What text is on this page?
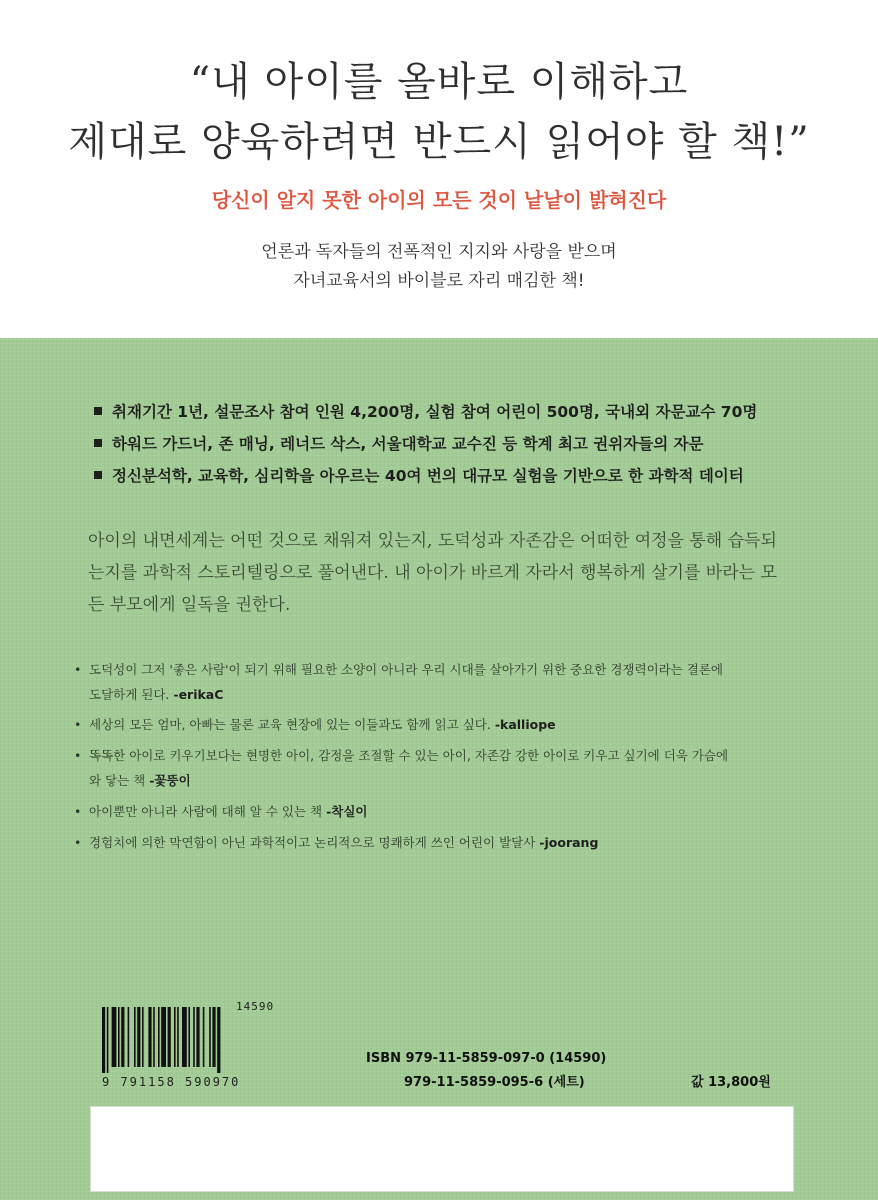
“내 아이를 올바로 이해하고
제대로 양육하려면 반드시 읽어야 할 책!”
당신이 알지 못한 아이의 모든 것이 낱낱이 밝혀진다
언론과 독자들의 전폭적인 지지와 사랑을 받으며
자녀교육서의 바이블로 자리 매김한 책!
취재기간 1년, 설문조사 참여 인원 4,200명, 실험 참여 어린이 500명, 국내외 자문교수 70명
하워드 가드너, 존 매닝, 레너드 삭스, 서울대학교 교수진 등 학계 최고 권위자들의 자문
정신분석학, 교육학, 심리학을 아우르는 40여 번의 대규모 실험을 기반으로 한 과학적 데이터
아이의 내면세계는 어떤 것으로 채워져 있는지, 도덕성과 자존감은 어떠한 여정을 통해 습득되
는지를 과학적 스토리텔링으로 풀어낸다. 내 아이가 바르게 자라서 행복하게 살기를 바라는 모
든 부모에게 일독을 권한다.
• 도덕성이 그저 '좋은 사람'이 되기 위해 필요한 소양이 아니라 우리 시대를 살아가기 위한 중요한 경쟁력이라는 결론에
도달하게 된다. -erikaC
• 세상의 모든 엄마, 아빠는 물론 교육 현장에 있는 이들과도 함께 읽고 싶다. -kalliope
• 똑똑한 아이로 키우기보다는 현명한 아이, 감정을 조절할 수 있는 아이, 자존감 강한 아이로 키우고 싶기에 더욱 가슴에
와 닿는 책 -꽃뚱이
• 아이뿐만 아니라 사람에 대해 알 수 있는 책 -착실이
• 경험치에 의한 막연함이 아닌 과학적이고 논리적으로 명쾌하게 쓰인 어린이 발달사 -joorang
14590
9 791158 590970
ISBN 979-11-5859-097-0 (14590)
979-11-5859-095-6 (세트)	값 13,800원
